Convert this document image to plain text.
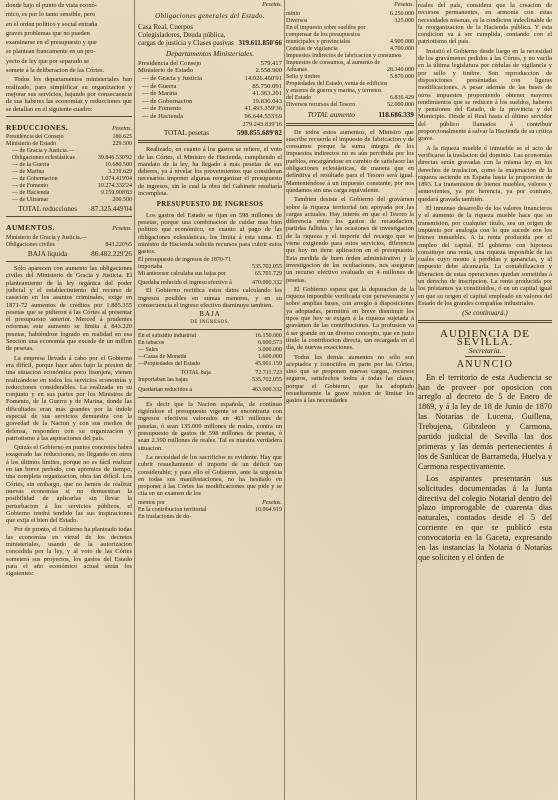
donde bajo el punto de vista econó-

mico, es por lo tanto sensible, pero

en el orden político y social entraña

graves problemas que no pueden

examinarse en el presupuesto y que

se plantean francamente en un pro-

yecto de ley que por separado se

somete á la deliberacion de las Córtes.

Todos los departamentos ministeriales han realizado, para simplificar su organizacion y mejorar sus servicios, bajando por consecuencia de sus haberes las economías y reducciones que se detallan en el siguiente cuadro:

REDUCCIONES.	Pesetas.
Presidencia del Consejo	180.625
Ministerio de Estado	229.500
— de Gracia y Justicia.—Obligaciones eclesiásticas	39.846.530'92
— de la Guerra	10.680.500
— de Marina	3.239.629
— de Gobernacion	1.074.419'04
— de Fomento	10.274.332'24
— de Hacienda	9.159.908'83
— de Ultramar	200.500
TOTAL reducciones	87.325.449'04
AUMENTOS.	Pesetas.
Ministerio de Gracia y Justicia.—Obligaciones civiles	843.220'65
BAJA líquida	86.482.229'26

Sólo aparecen con aumento las obligaciones civiles del Ministerio de Gracia y Justicia. El planteamiento de la ley orgánica del poder judicial y el establecimiento del recurso de casacion en los asuntos criminales, exige en 1871-72 aumentos de créditos por 1.885.355 pesetas que se pidieron á las Córtes al presentar el presupuesto anterior. Merced á prudentes reformas este aumento se limita á 843.220 pesetas, habiéndose logrado en realidad en esa Seccion una economía que excede de un millon de pesetas.

La empresa llevada á cabo por el Gobierno era difícil, porque hace años bajo la presion de una situacion económica poco lisonjera, vienen realizándose en todos los servicios economías y reducciones considerables. La realizada en su conjunto y en sus partes por los Ministros de Fomento, de la Guerra y de Marina, donde las dificultades eran más grandes por la índole especial de sus servicios demuestra con la gravedad de la Nacion y con sus medios de defensa, responden con su organizacion y patriotismo á las aspiraciones del país.

Quizás el Gobierno en puntos concretos habrá exagerado las reducciones, no llegando en otros á los últimos límites, porque no es fácil realizar en tan breve período, con apremios de tiempo, una completa organizacion, obra tan difícil. Los Córtes, sin embargo, que no hemos de realizar nuevas economías si no demuestran la posibilidad de aplicarlas sin llevar la perturbacion á los servicios públicos, el Gobierno tendrá tendido las sus inspiraciones que exija el bien del Estado.

Por de pronto, el Gobierno ha planteado todas las economías en virtud de los decretos ministeriales, usando de la autorizacion concedida por la ley, y al voto de las Córtes someterá sus proyectos, los gastos del Estado para el año económico actual serán los siguientes:

Pesetas.
Obligaciones generales del Estado.
Casa Real, Cuerpos Colegisladores, Deuda pública, cargas de justicia y Clases pasivas 319.611.850'66
Departamentos Ministeriales.
Presidencia del Consejo	579.417
Ministerio de Estado	2.558.900
— de Gracia y Justicia	14.026.460'91
— de Guerra	85.750.091
— de Marina	41.363.201
— de Gobernacion	19.836.043
— de Fomento	41.493.359'36
— de Hacienda	96.644.533'69
279.243.839'16
TOTAL pesetas	598.855.689'82

Realizado, en cuanto á los gastos se refiere, el voto de las Córtes, el Ministro de Hacienda, cumpliendo el mandato de la ley, ha llegado á más pesetas de sus deberes, ya á nivelar los proveimientos que consideran necesarios imponer algunas reorganizar el presupuesto de ingresos, sin le cual la obra del Gabinete resultaría incompleta.

PRESUPUESTO DE INGRESOS

Los gastos del Estado se fijan en 598 millones de pesetas, porque una combinacion de cuidar mas bien político que económico, en cuanto al pago de las obligaciones eclesiásticas, los limita á esta suma. El ministro de Hacienda solicita recursos para cubrir estos gastos.

El presupuesto de ingresos de 1870-71 importaba	535.702.055
Mi antecesor calculaba sus bajas por	65.701.729
Quedaba reducido el ingreso efectivo á	470.000.332

El Gobierno rectifica estos datos calculando los ingresos posibles en sumas menores, y en su consecuencia el ingreso efectivo disminuye tambien.

BAJA
DE INGRESOS.
En el subsidio industrial	16.150.000
En tabacos	6.000.573
— Sales	3.000.000
—Casas de Moneda	1.600.000
—Propiedades del Estado	45.961.150
TOTAL baja	72.711.723
Importaban las bajas	535.702.055
Quedarian reducidos á	463.000.332

Es decir que la Nacion española, de contínuo rigiéndose el presupuesto vigente se encontraria con ingresos efectivos valorados en 463 millones de pesetas, ó sean 135.000 millones de reales, contra un presupuesto de gastos de 598 millones de pesetas, ó sean 2.390 millones de reales. Tal es nuestra verdadera situacion.

La necesidad de los sacrificios es evidente. Hay que cubrir resueltamente el importe de un déficit tan considerable; y para ello el Gobierno, ante la urgencia en todas sus manifestaciones, no ha hesitado en proponer á las Córtes las modificaciones que pide y se cita en un examen de los

mentos por	Pesetas.
En la contribucion territorial	10.064.919
En traslaciones de do-
Pesetas.
minio	6.250.000
Diversos	325.000
En el impuesto sobre sueldos por compensar de los presupuestos municipales y provinciales	4.900.000
Cédulas de vigilancia	4.700.000
Impuestos indirectos de fabricacion y consumos
Impuestos de consumos, al aumento de Aduanas	28.340.000
Sello y timbre	5.870.000
Propiedades del Estado, venta de edificios y enseres de guerra y marina, y terrenos del Estado	6.836.429
Diversos recursos del Tesoro	52.000.000
TOTAL aumento	118.686.339

De todos estos aumentos, el Ministro que suscribe recuerda el impuesto de fabricacion y de consumos porque la suma íntegra de los impuestos indirectos no es aún percibida por los pueblos, encargándose en cambio de satisfacer las obligaciones eclesiásticas, de manera que en definitiva el resultado para el Tesoro será igual. Manteniéndose á un impuesto constante, por nos quedamos sin una carga equivalente.

Tambien desiste el Gobierno del gravámen sobre la riqueza territorial tan apoyada por las cargas actuales. Hay interés en que el Tesoro la diferencia entre los gastos de recaudacion, partidas fallidas y las ocasiones de investigacion de la riqueza y el importe del recargo que se viene exigiendo para estos servicios, diferencia que hoy no tiene aplicacion en el presupuesto. Esta medida de buen órden administrativo y la investigacion de las ocultaciones, nos aseguran un recurso efectivo evaluado en 4 millones de pesetas.

El Gobierno espera que la depuracion de la riqueza imponible verificada con perseverancia y sobre amplias bases, con arreglo á disposiciones ya adoptadas, permitirá en breve disminuir los tipos que hoy se exigen á la riqueza sujetada á gravámen de las contribuciones. La profusion va á ser grande en un diverso concepto, que en justo título la contribucion directa, tan recargada en el día, de nuevas exacciones.

Todos los demás aumentos no sólo son aceptados y conocidos en parte por las Córtes, sino que se proponen nuevas cargas, recursos seguros, satisfechos todos á todas las clases, porque el Gobierno, que ha adoptado resueltamente la grave mision de limitar los gastos á las necesidades

reales del país, considera que la creacion de recursos permanentes, en armonía con estas necesidades mismas, es la condicion indeclinable de la reorganizacion de la Hacienda pública. Y esta condicion va á ser cumplida, contando con el patriotismo del país.

Insistió el Gobierno desde luego en la necesidad de los gravámenes pedidos á las Córtes, y no vacila en la última legislatura por cédulas de vigilancia y por sello y timbre. Son reproduccion de disposiciones presentadas con ligeras modificaciones. A pesar además de las bases de otros impuestos proponiendo obtener mayores rendimientos que se reducen á los sueldos, haberes y pensiones del Estado, de la provincia y del Municipio. Desde el Real hasta el último servidor del público llamados á contribuir proporcionalmente á salvar la Hacienda de su crítica grave.

A la riqueza mueble é inmueble se el acto de verificarse la traslacion del dominio. Las economías directas serán gravadas con la misma ley en los derechos de traslacion, como la enajenacion de la riqueza asciende en España hasta la proporcion de 1893. La transmision de bienes muebles, valores y semovientes, ya por herencia, ya por contrato, quedará gravada también.

El inmenso desarrollo de los valores financieros y el aumento de la riqueza mueble hace que su transmision, por cualquier título, sea un origen de impuesto por analogía con lo que sucede con los bienes inmuebles. A la renta producida por el empleo del capital. El gobierno con hipoteca constituye una renta, una riqueza imponible de las cuales cuyo monto á pérdidas y ganancias, y al impuesto debe alcanzarla. La contabilizacion y liberacion de estas operaciones quedan sometidas á un derecho de inscripcion. La renta producida por los préstamos ya constituidos, ó en un capital igual en que su origen el capital empleado en valores del Estado de los grandes compañías industriales.

(Se continuará.)
AUDIENCIA DE SEVILLA.
Secretaría.
ANUNCIO

En el territorio de esta Audiencia se han de proveer por oposicion con arreglo al decreto de 5 de Enero de 1869, y á la ley de 18 de Junio de 1870 las Notarías de Lucena, Guillena, Trebujena, Gibraleon y Carmona, partido judicial de Sevilla las dos primeras y las demás pertenecientes á los de Sanlúcar de Barrameda, Huelva y Carmona respectivamente.

Los aspirantes presentarán sus solicitudes documentadas á la Junta directiva del colegio Notarial dentro del plazo improrogable de cuarenta dias naturales, contados desde el 5 del corriente en que se publicó esta convocatoria en la Gaceta, expresando en las instancias la Notaría ó Notarías que soliciten y el órden de
